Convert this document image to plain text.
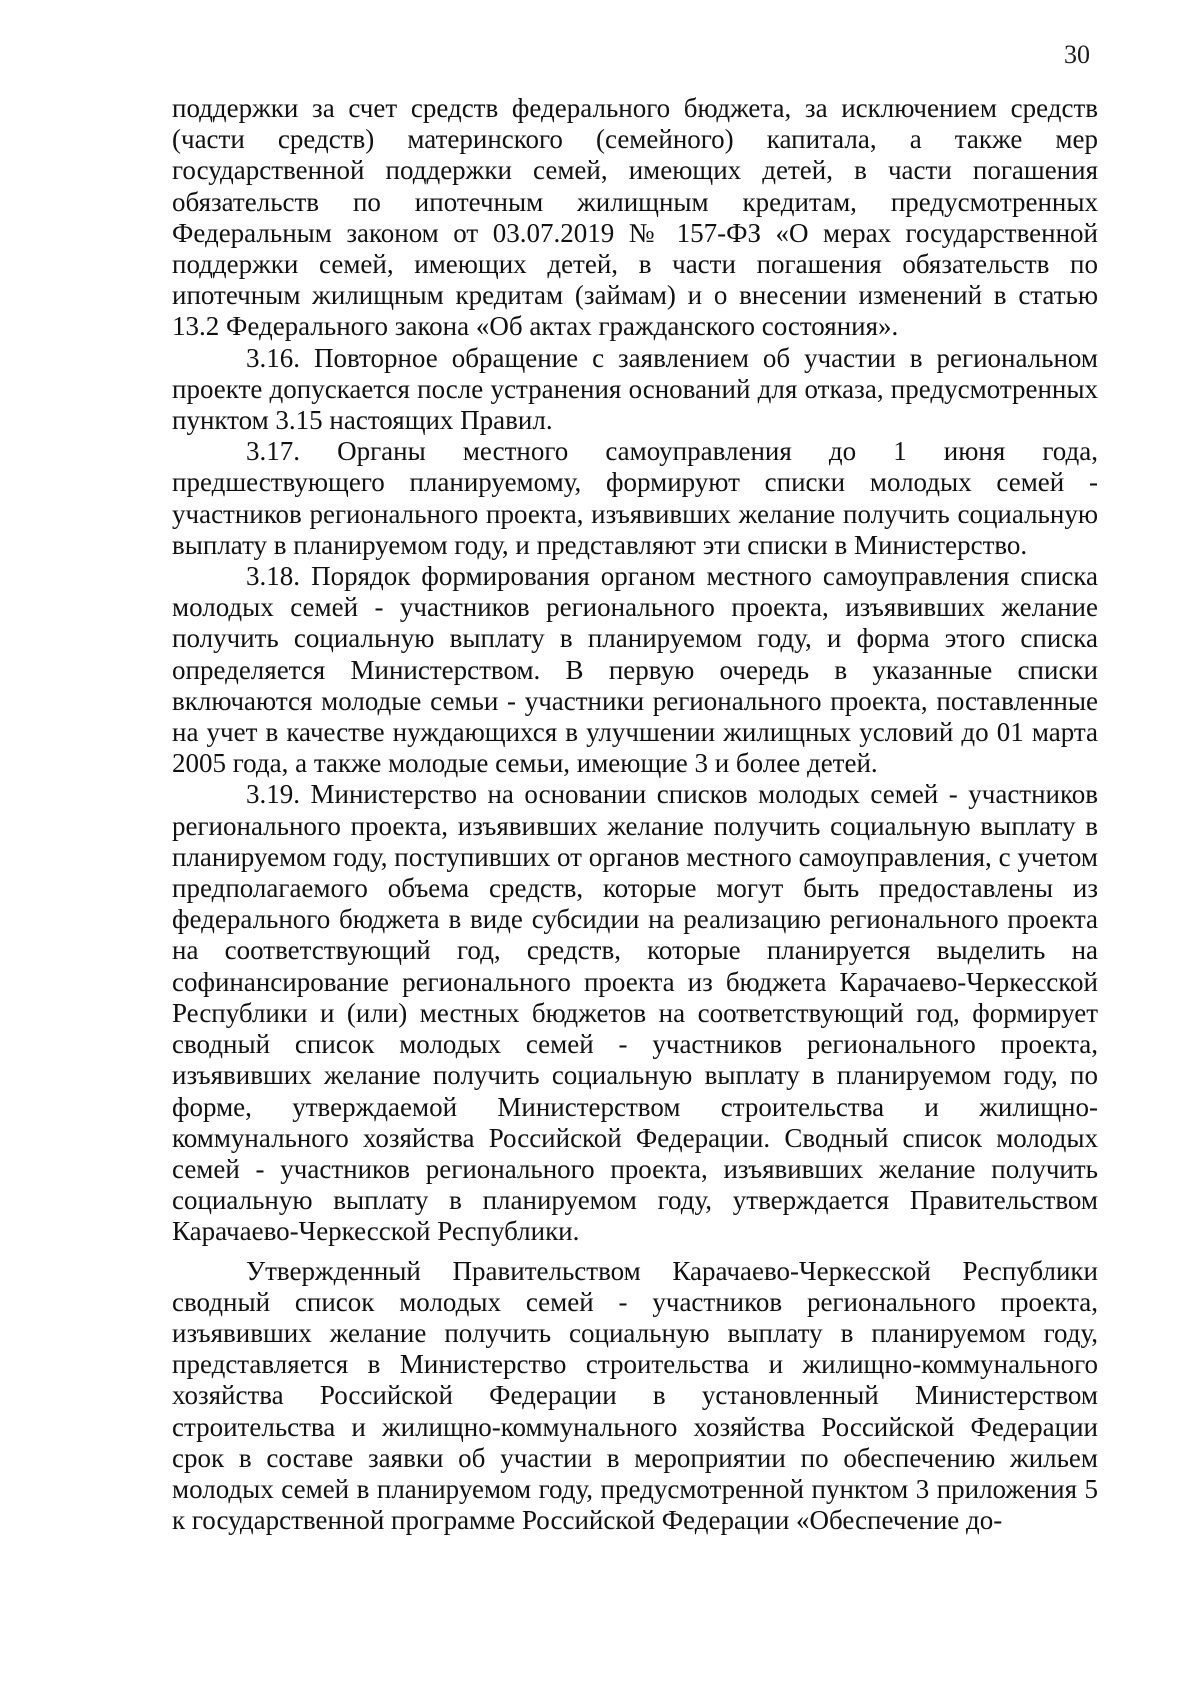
30

поддержки за счет средств федерального бюджета, за исключением средств (части средств) материнского (семейного) капитала, а также мер государственной поддержки семей, имеющих детей, в части погашения обязательств по ипотечным жилищным кредитам, предусмотренных Федеральным законом от 03.07.2019 № 157-ФЗ «О мерах государственной поддержки семей, имеющих детей, в части погашения обязательств по ипотечным жилищным кредитам (займам) и о внесении изменений в статью 13.2 Федерального закона «Об актах гражданского состояния».

3.16. Повторное обращение с заявлением об участии в региональном проекте допускается после устранения оснований для отказа, предусмотренных пунктом 3.15 настоящих Правил.

3.17. Органы местного самоуправления до 1 июня года, предшествующего планируемому, формируют списки молодых семей - участников регионального проекта, изъявивших желание получить социальную выплату в планируемом году, и представляют эти списки в Министерство.

3.18. Порядок формирования органом местного самоуправления списка молодых семей - участников регионального проекта, изъявивших желание получить социальную выплату в планируемом году, и форма этого списка определяется Министерством. В первую очередь в указанные списки включаются молодые семьи - участники регионального проекта, поставленные на учет в качестве нуждающихся в улучшении жилищных условий до 01 марта 2005 года, а также молодые семьи, имеющие 3 и более детей.

3.19. Министерство на основании списков молодых семей - участников регионального проекта, изъявивших желание получить социальную выплату в планируемом году, поступивших от органов местного самоуправления, с учетом предполагаемого объема средств, которые могут быть предоставлены из федерального бюджета в виде субсидии на реализацию регионального проекта на соответствующий год, средств, которые планируется выделить на софинансирование регионального проекта из бюджета Карачаево-Черкесской Республики и (или) местных бюджетов на соответствующий год, формирует сводный список молодых семей - участников регионального проекта, изъявивших желание получить социальную выплату в планируемом году, по форме, утверждаемой Министерством строительства и жилищно-коммунального хозяйства Российской Федерации. Сводный список молодых семей - участников регионального проекта, изъявивших желание получить социальную выплату в планируемом году, утверждается Правительством Карачаево-Черкесской Республики.

Утвержденный Правительством Карачаево-Черкесской Республики сводный список молодых семей - участников регионального проекта, изъявивших желание получить социальную выплату в планируемом году, представляется в Министерство строительства и жилищно-коммунального хозяйства Российской Федерации в установленный Министерством строительства и жилищно-коммунального хозяйства Российской Федерации срок в составе заявки об участии в мероприятии по обеспечению жильем молодых семей в планируемом году, предусмотренной пунктом 3 приложения 5 к государственной программе Российской Федерации «Обеспечение до-
